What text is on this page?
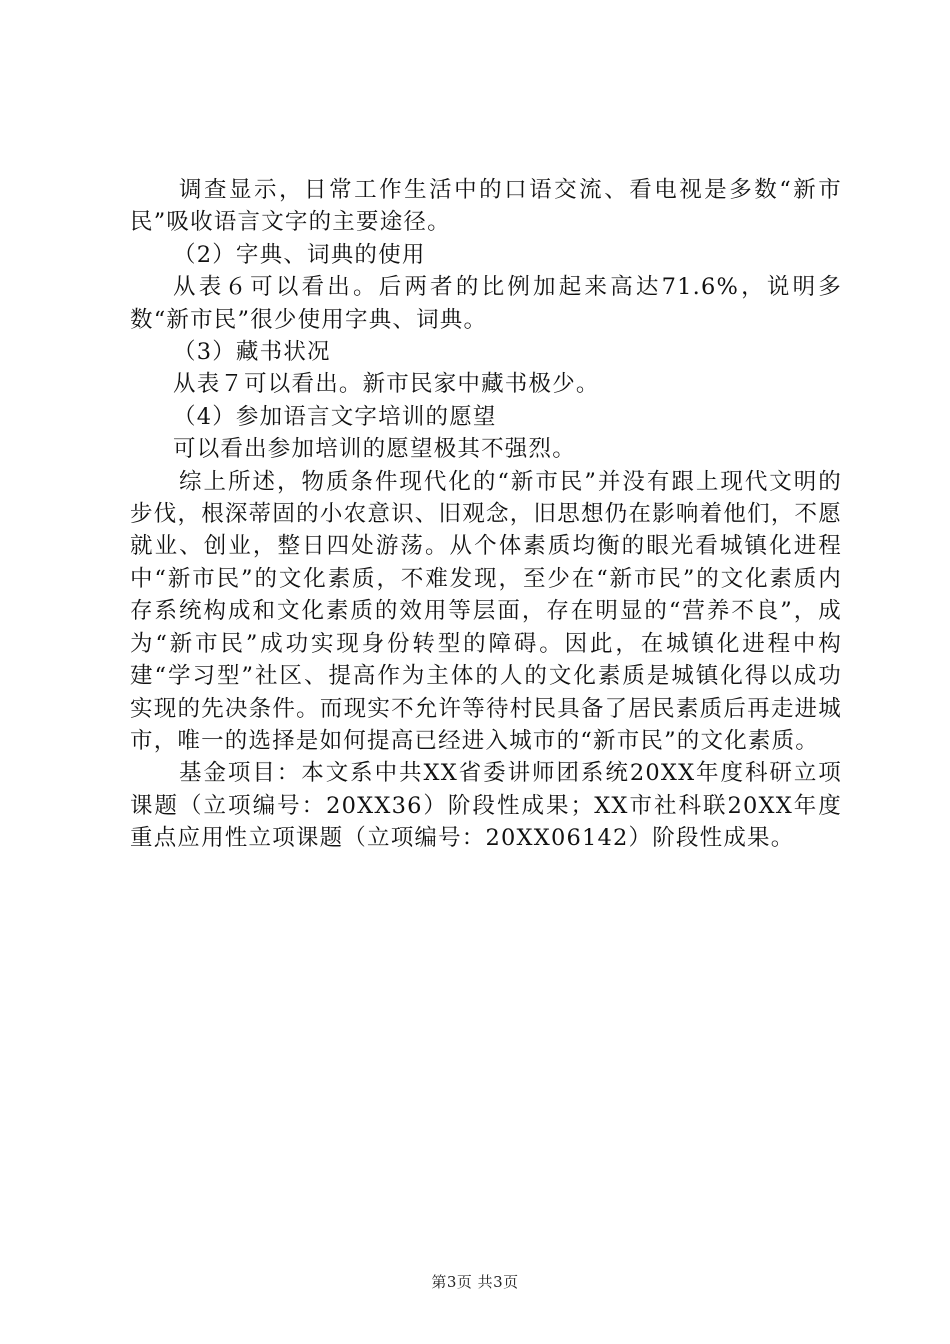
调查显示，日常工作生活中的口语交流、看电视是多数“新市民”吸收语言文字的主要途径。

（2）字典、词典的使用

从表６可以看出。后两者的比例加起来高达71.6%，说明多数“新市民”很少使用字典、词典。

（3）藏书状况

从表７可以看出。新市民家中藏书极少。

（4）参加语言文字培训的愿望

可以看出参加培训的愿望极其不强烈。

综上所述，物质条件现代化的“新市民”并没有跟上现代文明的步伐，根深蒂固的小农意识、旧观念，旧思想仍在影响着他们，不愿就业、创业，整日四处游荡。从个体素质均衡的眼光看城镇化进程中“新市民”的文化素质，不难发现，至少在“新市民”的文化素质内存系统构成和文化素质的效用等层面，存在明显的“营养不良”，成为“新市民”成功实现身份转型的障碍。因此，在城镇化进程中构建“学习型”社区、提高作为主体的人的文化素质是城镇化得以成功实现的先决条件。而现实不允许等待村民具备了居民素质后再走进城市，唯一的选择是如何提高已经进入城市的“新市民”的文化素质。

基金项目：本文系中共XX省委讲师团系统20XX年度科研立项课题（立项编号：20XX36）阶段性成果；XX市社科联20XX年度重点应用性立项课题（立项编号：20XX06142）阶段性成果。

第3页 共3页
